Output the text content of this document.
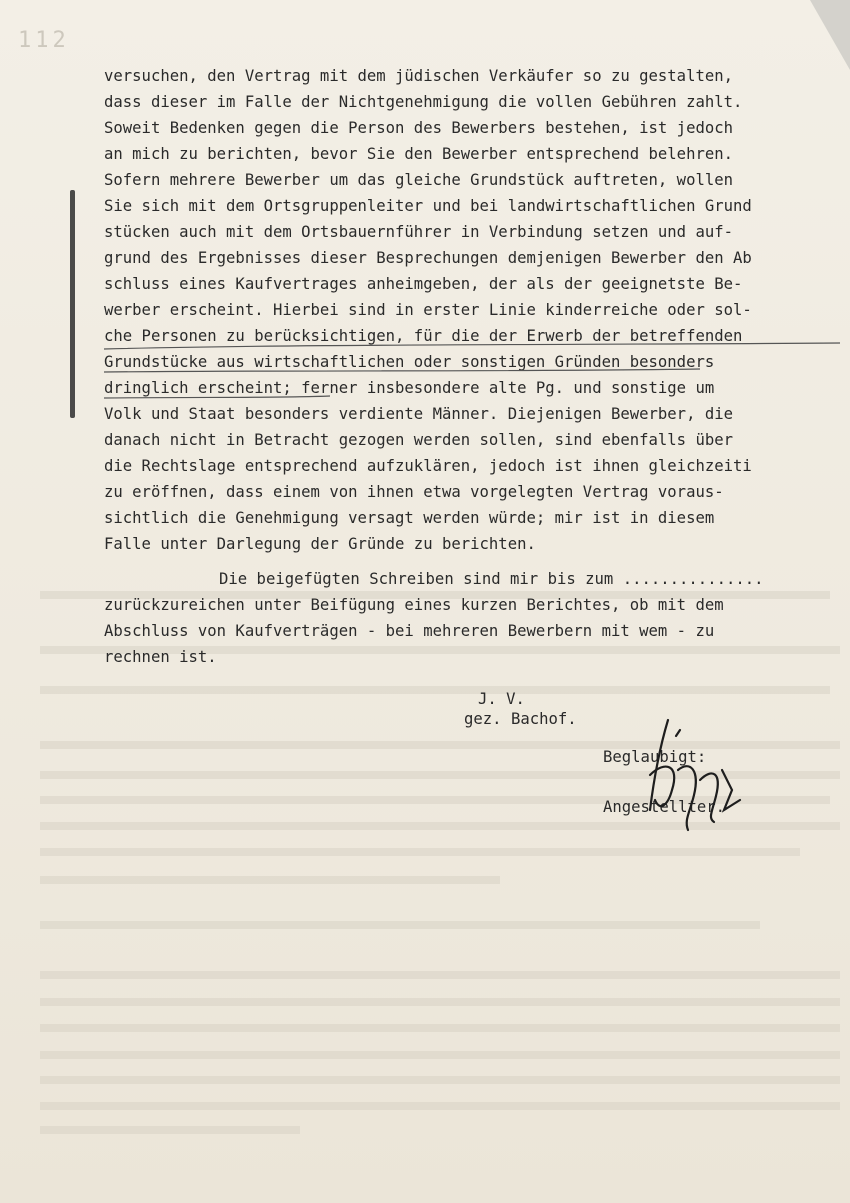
112
versuchen, den Vertrag mit dem jüdischen Verkäufer so zu gestalten,
dass dieser im Falle der Nichtgenehmigung die vollen Gebühren zahlt.
Soweit Bedenken gegen die Person des Bewerbers bestehen, ist jedoch
an mich zu berichten, bevor Sie den Bewerber entsprechend belehren.
Sofern mehrere Bewerber um das gleiche Grundstück auftreten, wollen
Sie sich mit dem Ortsgruppenleiter und bei landwirtschaftlichen Grund
stücken auch mit dem Ortsbauernführer in Verbindung setzen und auf-
grund des Ergebnisses dieser Besprechungen demjenigen Bewerber den Ab
schluss eines Kaufvertrages anheimgeben, der als der geeignetste Be-
werber erscheint. Hierbei sind in erster Linie kinderreiche oder sol-
che Personen zu berücksichtigen, für die der Erwerb der betreffenden
Grundstücke aus wirtschaftlichen oder sonstigen Gründen besonders
dringlich erscheint; ferner insbesondere alte Pg. und sonstige um
Volk und Staat besonders verdiente Männer. Diejenigen Bewerber, die
danach nicht in Betracht gezogen werden sollen, sind ebenfalls über
die Rechtslage entsprechend aufzuklären, jedoch ist ihnen gleichzeiti
zu eröffnen, dass einem von ihnen etwa vorgelegten Vertrag voraus-
sichtlich die Genehmigung versagt werden würde; mir ist in diesem
Falle unter Darlegung der Gründe zu berichten.
Die beigefügten Schreiben sind mir bis zum ...............
zurückzureichen unter Beifügung eines kurzen Berichtes, ob mit dem
Abschluss von Kaufverträgen - bei mehreren Bewerbern mit wem - zu
rechnen ist.
J. V.
gez. Bachof.
Beglaubigt:
Angestellter.
